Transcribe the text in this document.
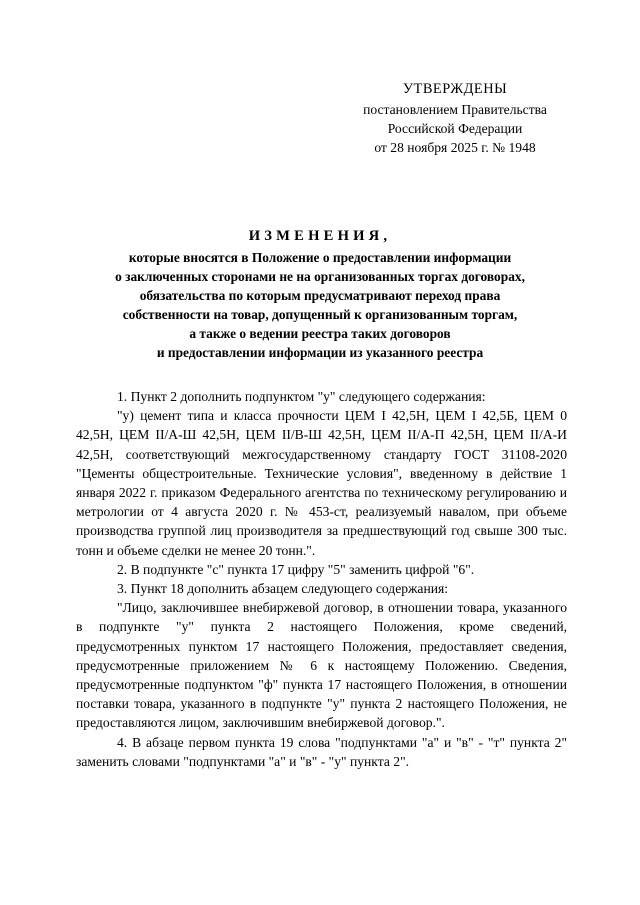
УТВЕРЖДЕНЫ
постановлением Правительства
Российской Федерации
от 28 ноября 2025 г. № 1948
ИЗМЕНЕНИЯ,
которые вносятся в Положение о предоставлении информации
о заключенных сторонами не на организованных торгах договорах,
обязательства по которым предусматривают переход права
собственности на товар, допущенный к организованным торгам,
а также о ведении реестра таких договоров
и предоставлении информации из указанного реестра

1. Пункт 2 дополнить подпунктом "у" следующего содержания:

"у) цемент типа и класса прочности ЦЕМ I 42,5Н, ЦЕМ I 42,5Б, ЦЕМ 0 42,5Н, ЦЕМ II/А-Ш 42,5Н, ЦЕМ II/В-Ш 42,5Н, ЦЕМ II/А-П 42,5Н, ЦЕМ II/А-И 42,5Н, соответствующий межгосударственному стандарту ГОСТ 31108-2020 "Цементы общестроительные. Технические условия", введенному в действие 1 января 2022 г. приказом Федерального агентства по техническому регулированию и метрологии от 4 августа 2020 г. № 453-ст, реализуемый навалом, при объеме производства группой лиц производителя за предшествующий год свыше 300 тыс. тонн и объеме сделки не менее 20 тонн.".

2. В подпункте "с" пункта 17 цифру "5" заменить цифрой "6".

3. Пункт 18 дополнить абзацем следующего содержания:

"Лицо, заключившее внебиржевой договор, в отношении товара, указанного в подпункте "у" пункта 2 настоящего Положения, кроме сведений, предусмотренных пунктом 17 настоящего Положения, предоставляет сведения, предусмотренные приложением № 6 к настоящему Положению. Сведения, предусмотренные подпунктом "ф" пункта 17 настоящего Положения, в отношении поставки товара, указанного в подпункте "у" пункта 2 настоящего Положения, не предоставляются лицом, заключившим внебиржевой договор.".

4. В абзаце первом пункта 19 слова "подпунктами "а" и "в" - "т" пункта 2" заменить словами "подпунктами "а" и "в" - "у" пункта 2".
